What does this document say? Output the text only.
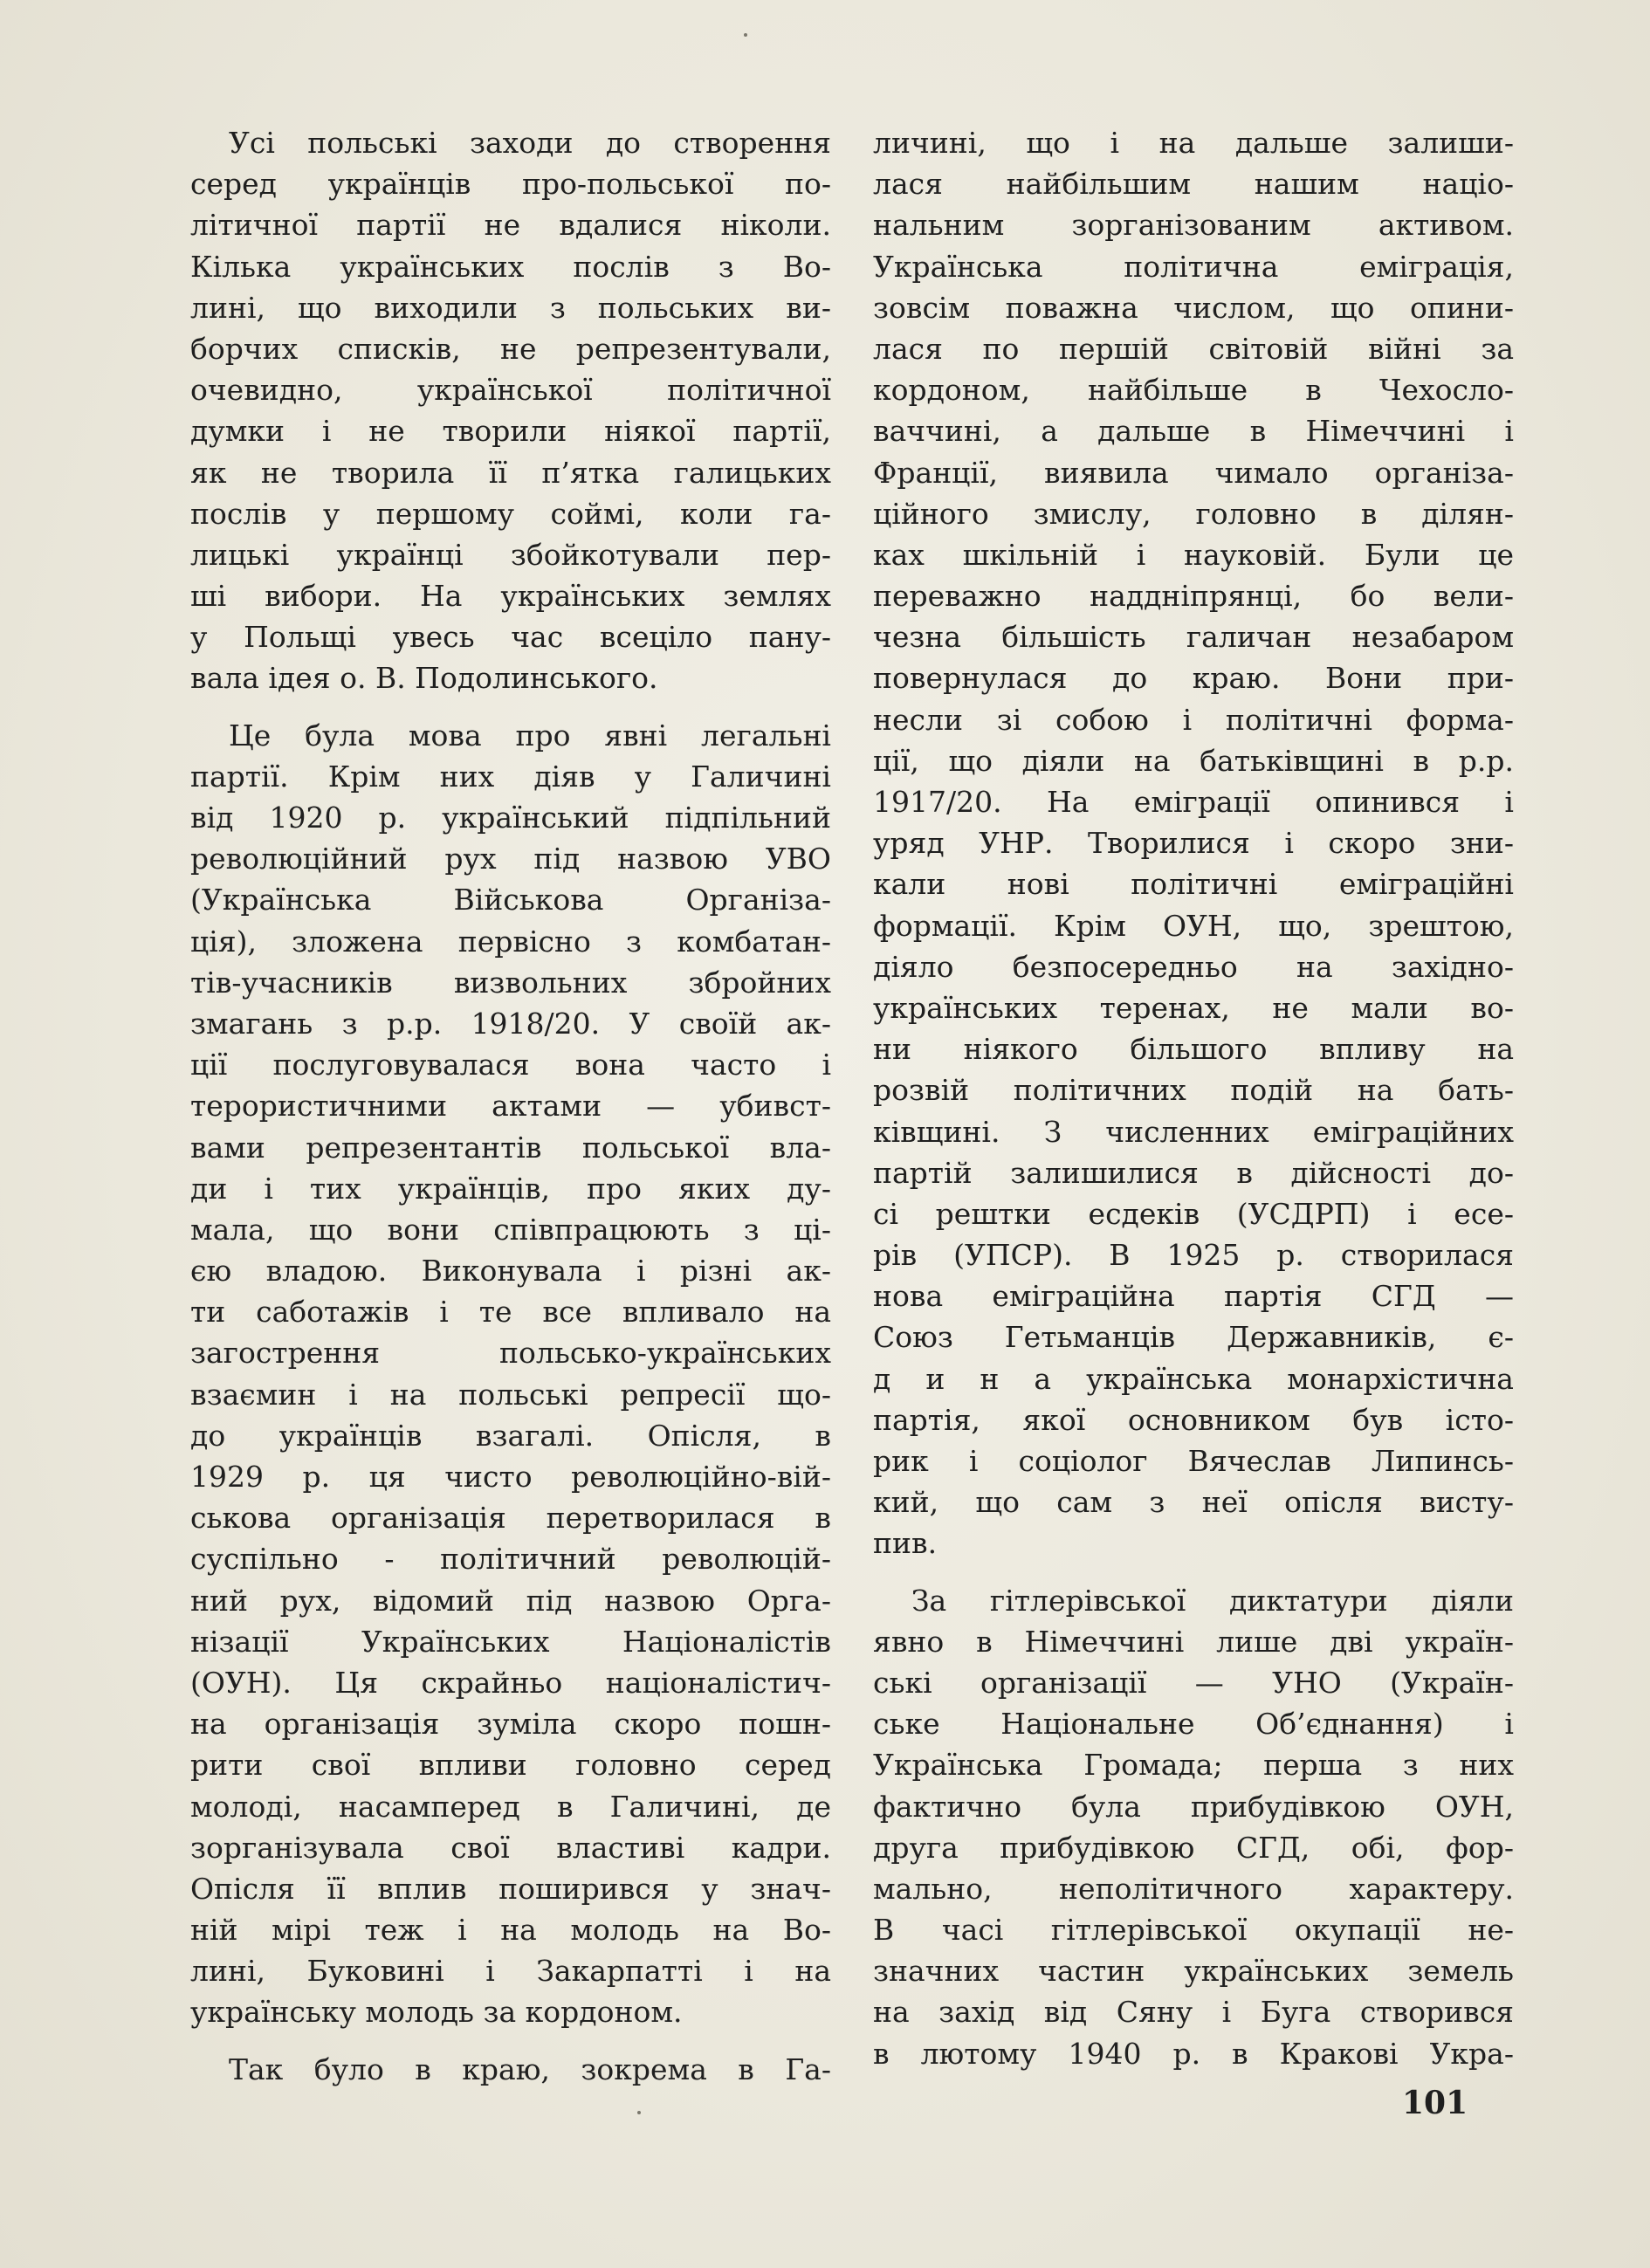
Усі польські заходи до створення
серед українців про-польської по-
літичної партії не вдалися ніколи.
Кілька українських послів з Во-
лині, що виходили з польських ви-
борчих списків, не репрезентували,
очевидно, української політичної
думки і не творили ніякої партії,
як не творила її п’ятка галицьких
послів у першому соймі, коли га-
лицькі українці збойкотували пер-
ші вибори. На українських землях
у Польщі увесь час всеціло пану-
вала ідея о. В. Подолинського.
Це була мова про явні легальні
партії. Крім них діяв у Галичині
від 1920 р. український підпільний
революційний рух під назвою УВО
(Українська Військова Організа-
ція), зложена первісно з комбатан-
тів-учасників визвольних збройних
змагань з р.р. 1918/20. У своїй ак-
ції послуговувалася вона часто і
терористичними актами — убивст-
вами репрезентантів польської вла-
ди і тих українців, про яких ду-
мала, що вони співпрацюють з ці-
єю владою. Виконувала і різні ак-
ти саботажів і те все впливало на
загострення польсько-українських
взаємин і на польські репресії що-
до українців взагалі. Опісля, в
1929 р. ця чисто революційно-вій-
ськова організація перетворилася в
суспільно - політичний революцій-
ний рух, відомий під назвою Орга-
нізації Українських Націоналістів
(ОУН). Ця скрайньо націоналістич-
на організація зуміла скоро пошн-
рити свої впливи головно серед
молоді, насамперед в Галичині, де
зорганізувала свої властиві кадри.
Опісля її вплив поширився у знач-
ній мірі теж і на молодь на Во-
лині, Буковині і Закарпатті і на
українську молодь за кордоном.
Так було в краю, зокрема в Га-
личині, що і на дальше залиши-
лася найбільшим нашим націо-
нальним зорганізованим активом.
Українська політична еміграція,
зовсім поважна числом, що опини-
лася по першій світовій війні за
кордоном, найбільше в Чехосло-
ваччині, а дальше в Німеччині і
Франції, виявила чимало організа-
ційного змислу, головно в ділян-
ках шкільній і науковій. Були це
переважно наддніпрянці, бо вели-
чезна більшість галичан незабаром
повернулася до краю. Вони при-
несли зі собою і політичні форма-
ції, що діяли на батьківщині в р.р.
1917/20. На еміграції опинився і
уряд УНР. Творилися і скоро зни-
кали нові політичні еміграційні
формації. Крім ОУН, що, зрештою,
діяло безпосередньо на західно-
українських теренах, не мали во-
ни ніякого більшого впливу на
розвій політичних подій на бать-
ківщині. З численних еміграційних
партій залишилися в дійсності до-
сі рештки есдеків (УСДРП) і есе-
рів (УПСР). В 1925 р. створилася
нова еміграційна партія СГД —
Союз Гетьманців Державників, є-
д и н а українська монархістична
партія, якої основником був істо-
рик і соціолог Вячеслав Липинсь-
кий, що сам з неї опісля висту-
пив.
За гітлерівської диктатури діяли
явно в Німеччині лише дві україн-
ські організації — УНО (Україн-
ське Національне Об’єднання) і
Українська Громада; перша з них
фактично була прибудівкою ОУН,
друга прибудівкою СГД, обі, фор-
мально, неполітичного характеру.
В часі гітлерівської окупації не-
значних частин українських земель
на захід від Сяну і Буга створився
в лютому 1940 р. в Кракові Укра-
101
